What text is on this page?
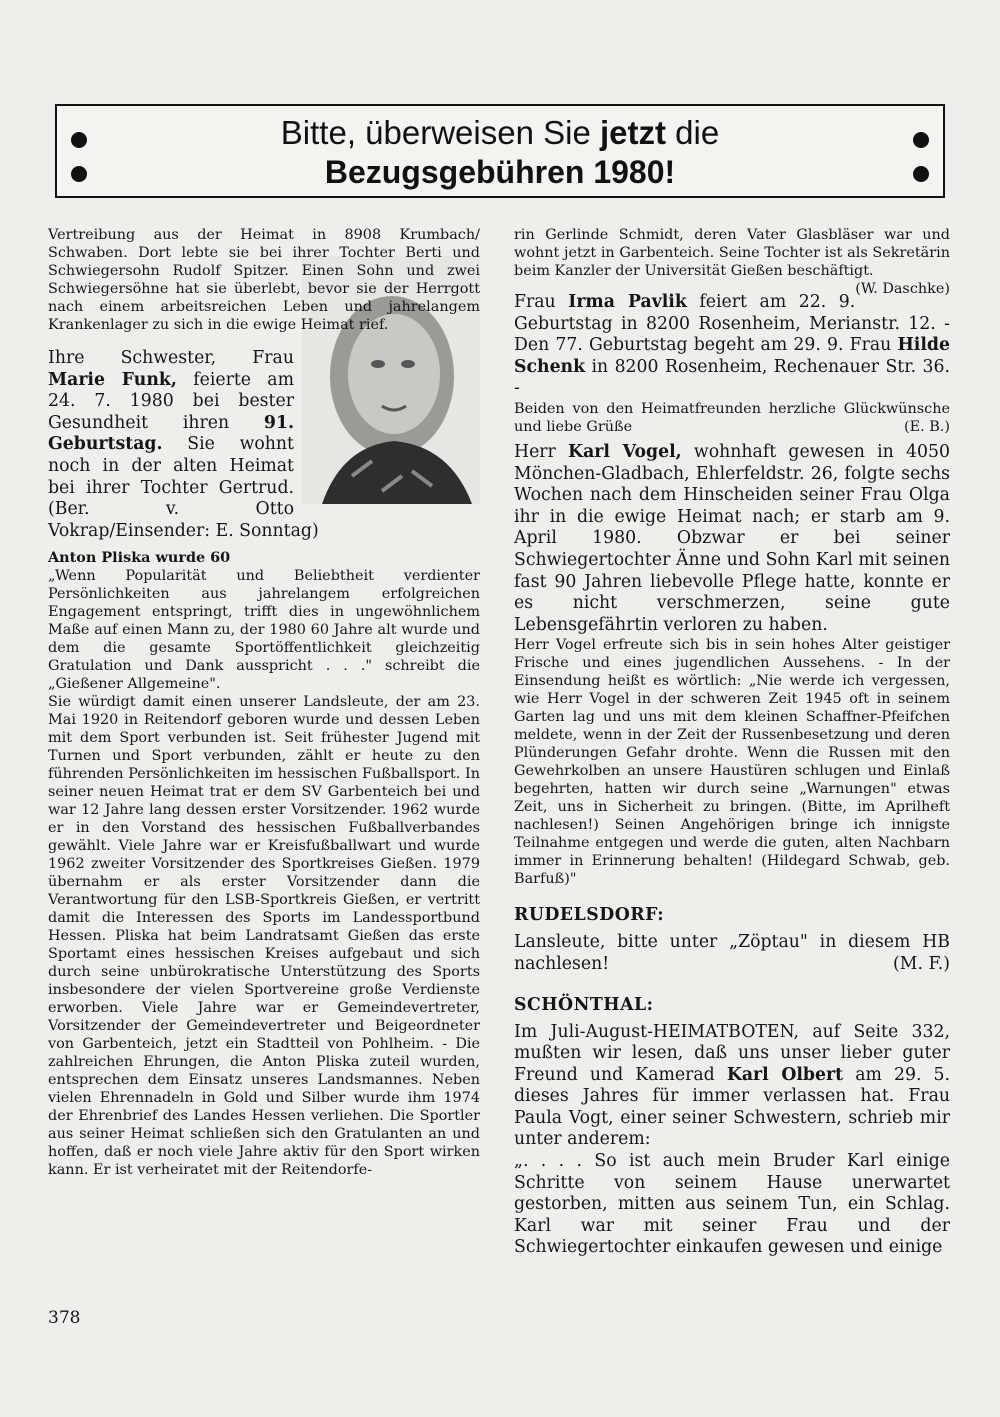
Bitte, überweisen Sie jetzt die
Bezugsgebühren 1980!

Vertreibung aus der Heimat in 8908 Krumbach/ Schwaben. Dort lebte sie bei ihrer Tochter Berti und Schwiegersohn Rudolf Spitzer. Einen Sohn und zwei Schwiegersöhne hat sie überlebt, bevor sie der Herrgott nach einem arbeitsreichen Leben und jahrelangem Krankenlager zu sich in die ewige Heimat rief.

Ihre Schwester, Frau Marie Funk, feierte am 24. 7. 1980 bei bester Gesundheit ihren 91. Geburtstag. Sie wohnt noch in der alten Heimat bei ihrer Tochter Gertrud. (Ber. v. Otto Vokrap/Einsender: E. Sonntag)

Anton Pliska wurde 60

„Wenn Popularität und Beliebtheit verdienter Persönlichkeiten aus jahrelangem erfolgreichen Engagement entspringt, trifft dies in ungewöhnlichem Maße auf einen Mann zu, der 1980 60 Jahre alt wurde und dem die gesamte Sportöffentlichkeit gleichzeitig Gratulation und Dank ausspricht . . ." schreibt die „Gießener Allgemeine".

Sie würdigt damit einen unserer Landsleute, der am 23. Mai 1920 in Reitendorf geboren wurde und dessen Leben mit dem Sport verbunden ist. Seit frühester Jugend mit Turnen und Sport verbunden, zählt er heute zu den führenden Persönlichkeiten im hessischen Fußballsport. In seiner neuen Heimat trat er dem SV Garbenteich bei und war 12 Jahre lang dessen erster Vorsitzender. 1962 wurde er in den Vorstand des hessischen Fußballverbandes gewählt. Viele Jahre war er Kreisfußballwart und wurde 1962 zweiter Vorsitzender des Sportkreises Gießen. 1979 übernahm er als erster Vorsitzender dann die Verantwortung für den LSB-Sportkreis Gießen, er vertritt damit die Interessen des Sports im Landessportbund Hessen. Pliska hat beim Landratsamt Gießen das erste Sportamt eines hessischen Kreises aufgebaut und sich durch seine unbürokratische Unterstützung des Sports insbesondere der vielen Sportvereine große Verdienste erworben. Viele Jahre war er Gemeindevertreter, Vorsitzender der Gemeindevertreter und Beigeordneter von Garbenteich, jetzt ein Stadtteil von Pohlheim. - Die zahlreichen Ehrungen, die Anton Pliska zuteil wurden, entsprechen dem Einsatz unseres Landsmannes. Neben vielen Ehrennadeln in Gold und Silber wurde ihm 1974 der Ehrenbrief des Landes Hessen verliehen. Die Sportler aus seiner Heimat schließen sich den Gratulanten an und hoffen, daß er noch viele Jahre aktiv für den Sport wirken kann. Er ist verheiratet mit der Reitendorfe-

rin Gerlinde Schmidt, deren Vater Glasbläser war und wohnt jetzt in Garbenteich. Seine Tochter ist als Sekretärin beim Kanzler der Universität Gießen beschäftigt.
(W. Daschke)

Frau Irma Pavlik feiert am 22. 9. Geburtstag in 8200 Rosenheim, Merianstr. 12. - Den 77. Geburtstag begeht am 29. 9. Frau Hilde Schenk in 8200 Rosenheim, Rechenauer Str. 36. -

Beiden von den Heimatfreunden herzliche Glückwünsche und liebe Grüße	(E. B.)

Herr Karl Vogel, wohnhaft gewesen in 4050 Mönchen-Gladbach, Ehlerfeldstr. 26, folgte sechs Wochen nach dem Hinscheiden seiner Frau Olga ihr in die ewige Heimat nach; er starb am 9. April 1980. Obzwar er bei seiner Schwiegertochter Änne und Sohn Karl mit seinen fast 90 Jahren liebevolle Pflege hatte, konnte er es nicht verschmerzen, seine gute Lebensgefährtin verloren zu haben.

Herr Vogel erfreute sich bis in sein hohes Alter geistiger Frische und eines jugendlichen Aussehens. - In der Einsendung heißt es wörtlich: „Nie werde ich vergessen, wie Herr Vogel in der schweren Zeit 1945 oft in seinem Garten lag und uns mit dem kleinen Schaffner-Pfeifchen meldete, wenn in der Zeit der Russenbesetzung und deren Plünderungen Gefahr drohte. Wenn die Russen mit den Gewehrkolben an unsere Haustüren schlugen und Einlaß begehrten, hatten wir durch seine „Warnungen" etwas Zeit, uns in Sicherheit zu bringen. (Bitte, im Aprilheft nachlesen!) Seinen Angehörigen bringe ich innigste Teilnahme entgegen und werde die guten, alten Nachbarn immer in Erinnerung behalten! (Hildegard Schwab, geb. Barfuß)"

RUDELSDORF:

Lansleute, bitte unter „Zöptau" in diesem HB nachlesen!	(M. F.)

SCHÖNTHAL:

Im Juli-August-HEIMATBOTEN, auf Seite 332, mußten wir lesen, daß uns unser lieber guter Freund und Kamerad Karl Olbert am 29. 5. dieses Jahres für immer verlassen hat. Frau Paula Vogt, einer seiner Schwestern, schrieb mir unter anderem:

„. . . . So ist auch mein Bruder Karl einige Schritte von seinem Hause unerwartet gestorben, mitten aus seinem Tun, ein Schlag. Karl war mit seiner Frau und der Schwiegertochter einkaufen gewesen und einige

378
